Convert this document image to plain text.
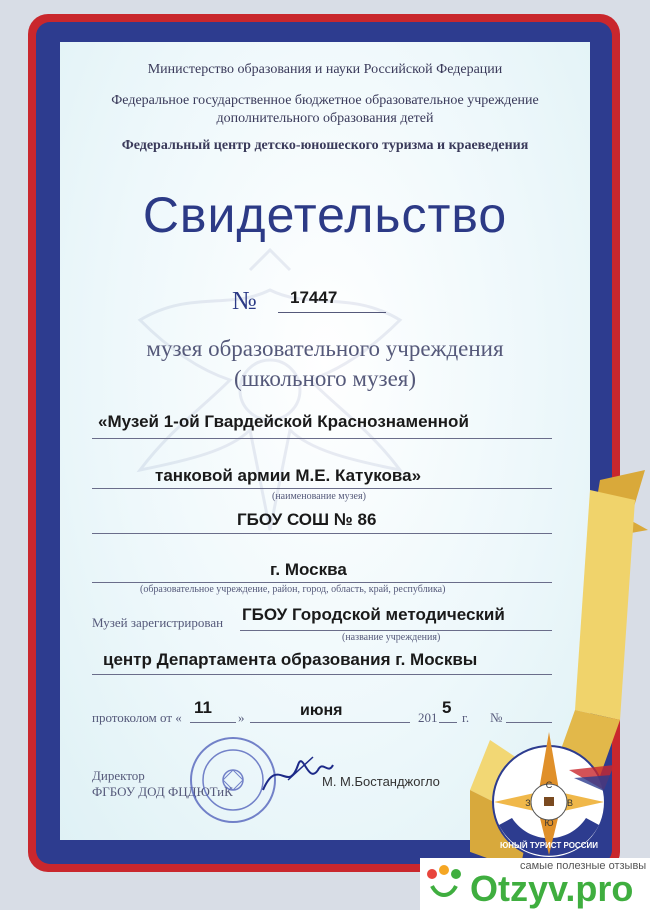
Министерство образования и науки Российской Федерации
Федеральное государственное бюджетное образовательное учреждение
дополнительного образования детей
Федеральный центр детско-юношеского туризма и краеведения
Свидетельство
№ 17447
музея образовательного учреждения
(школьного музея)
«Музей 1-ой Гвардейской Краснознаменной
танковой армии М.Е. Катукова»
(наименование музея)
ГБОУ СОШ № 86
г. Москва
(образовательное учреждение, район, город, область, край, республика)
Музей зарегистрирован ГБОУ Городской методический
(название учреждения)
центр Департамента образования г. Москвы
протоколом от «
11
»	июня	201
5
г. №
Директор
ФГБОУ ДОД ФЦДЮТиК
М. М.Бостанджогло	С
В
Ю
З
ЮНЫЙ ТУРИСТ РОССИИ
самые полезные отзывы
Otzyv.pro
